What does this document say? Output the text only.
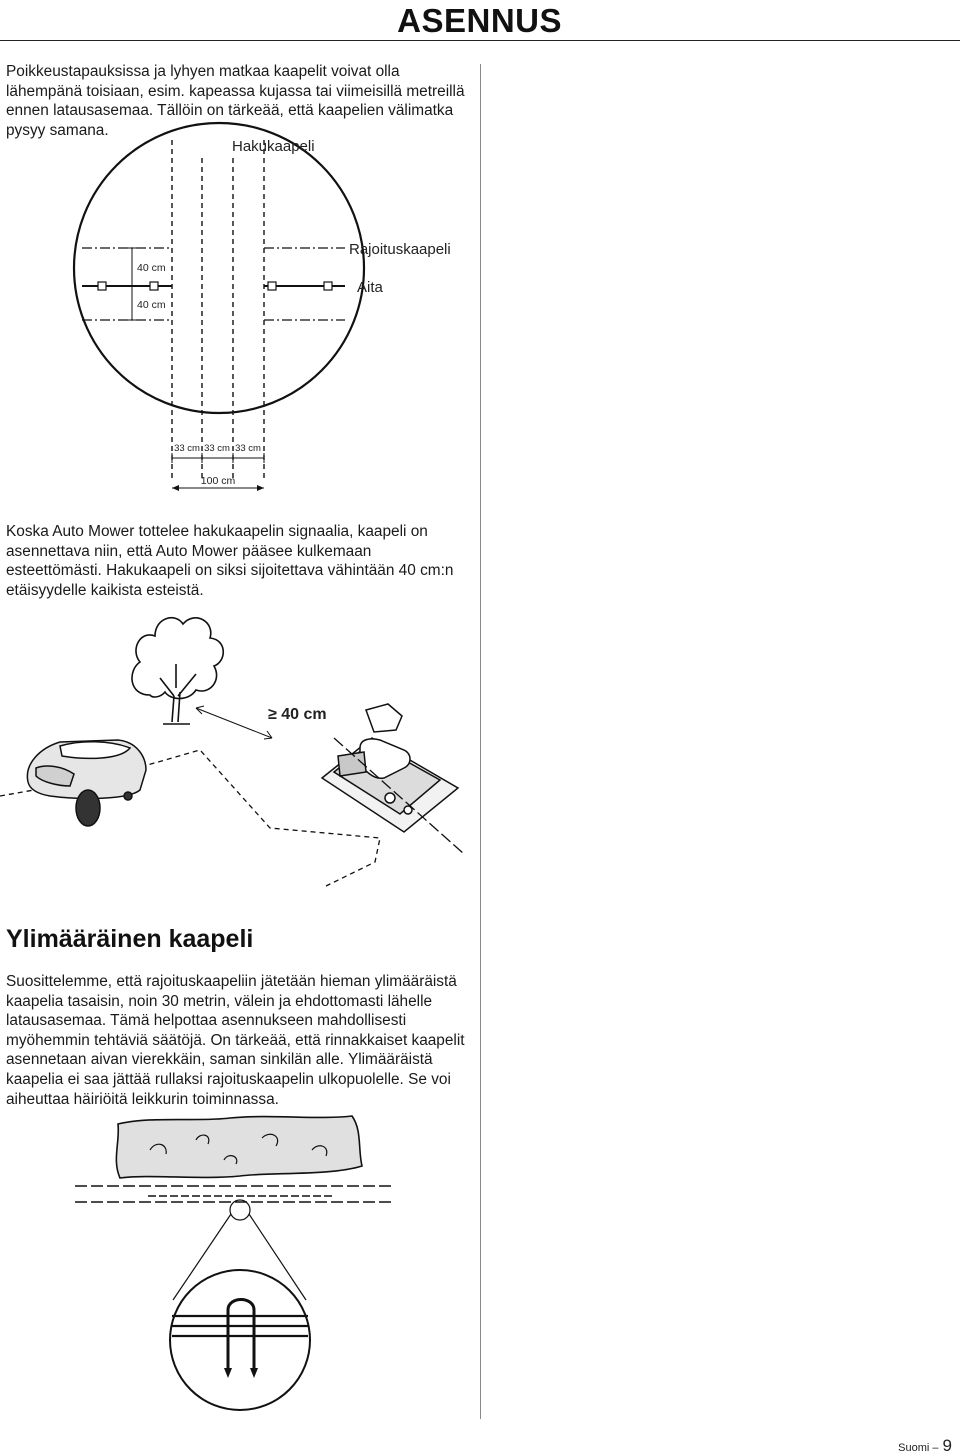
ASENNUS

Poikkeustapauksissa ja lyhyen matkaa kaapelit voivat olla lähempänä toisiaan, esim. kapeassa kujassa tai viimeisillä metreillä ennen latausasemaa. Tällöin on tärkeää, että kaapelien välimatka pysyy samana.

40 cm
40 cm
Hakukaapeli
Rajoituskaapeli
Aita
33 cm 33 cm 33 cm
100 cm

Koska Auto Mower tottelee hakukaapelin signaalia, kaapeli on asennettava niin, että Auto Mower pääsee kulkemaan esteettömästi. Hakukaapeli on siksi sijoitettava vähintään 40 cm:n etäisyydelle kaikista esteistä.

≥ 40 cm
Ylimääräinen kaapeli

Suosittelemme, että rajoituskaapeliin jätetään hieman ylimääräistä kaapelia tasaisin, noin 30 metrin, välein ja ehdottomasti lähelle latausasemaa. Tämä helpottaa asennukseen mahdollisesti myöhemmin tehtäviä säätöjä. On tärkeää, että rinnakkaiset kaapelit asennetaan aivan vierekkäin, saman sinkilän alle. Ylimääräistä kaapelia ei saa jättää rullaksi rajoituskaapelin ulkopuolelle. Se voi aiheuttaa häiriöitä leikkurin toiminnassa.

Suomi – 9
